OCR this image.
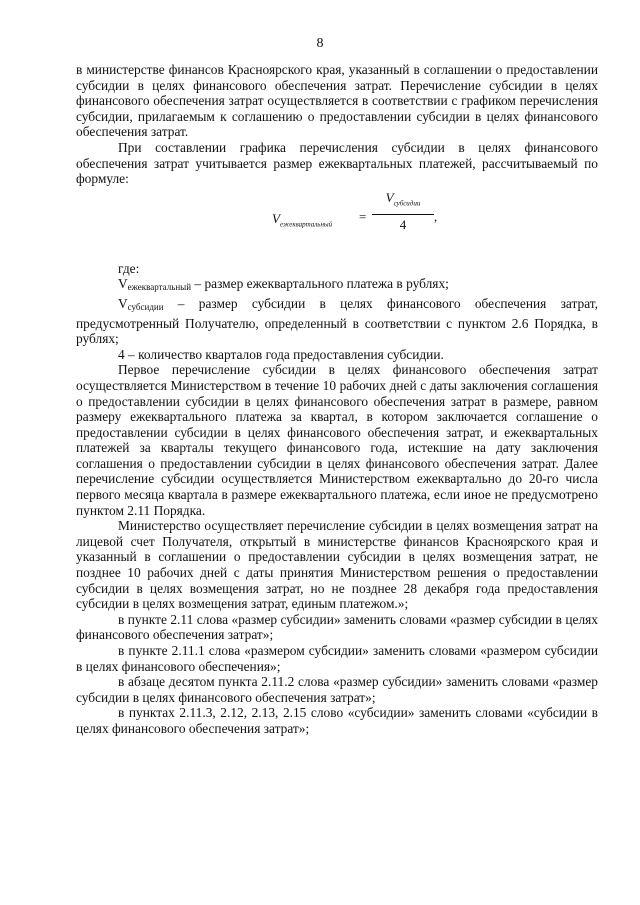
8

в министерстве финансов Красноярского края, указанный в соглашении о предоставлении субсидии в целях финансового обеспечения затрат. Перечисление субсидии в целях финансового обеспечения затрат осуществляется в соответствии с графиком перечисления субсидии, прилагаемым к соглашению о предоставлении субсидии в целях финансового обеспечения затрат.

При составлении графика перечисления субсидии в целях финансового обеспечения затрат учитывается размер ежеквартальных платежей, рассчитываемый по формуле:

$V_{ежеквартальный}$
=
$V_{субсидии}$
4
,

где:

Vежеквартальный – размер ежеквартального платежа в рублях;

Vсубсидии – размер субсидии в целях финансового обеспечения затрат, предусмотренный Получателю, определенный в соответствии с пунктом 2.6 Порядка, в рублях;

4 – количество кварталов года предоставления субсидии.

Первое перечисление субсидии в целях финансового обеспечения затрат осуществляется Министерством в течение 10 рабочих дней с даты заключения соглашения о предоставлении субсидии в целях финансового обеспечения затрат в размере, равном размеру ежеквартального платежа за квартал, в котором заключается соглашение о предоставлении субсидии в целях финансового обеспечения затрат, и ежеквартальных платежей за кварталы текущего финансового года, истекшие на дату заключения соглашения о предоставлении субсидии в целях финансового обеспечения затрат. Далее перечисление субсидии осуществляется Министерством ежеквартально до 20-го числа первого месяца квартала в размере ежеквартального платежа, если иное не предусмотрено пунктом 2.11 Порядка.

Министерство осуществляет перечисление субсидии в целях возмещения затрат на лицевой счет Получателя, открытый в министерстве финансов Красноярского края и указанный в соглашении о предоставлении субсидии в целях возмещения затрат, не позднее 10 рабочих дней с даты принятия Министерством решения о предоставлении субсидии в целях возмещения затрат, но не позднее 28 декабря года предоставления субсидии в целях возмещения затрат, единым платежом.»;

в пункте 2.11 слова «размер субсидии» заменить словами «размер субсидии в целях финансового обеспечения затрат»;

в пункте 2.11.1 слова «размером субсидии» заменить словами «размером субсидии в целях финансового обеспечения»;

в абзаце десятом пункта 2.11.2 слова «размер субсидии» заменить словами «размер субсидии в целях финансового обеспечения затрат»;

в пунктах 2.11.3, 2.12, 2.13, 2.15 слово «субсидии» заменить словами «субсидии в целях финансового обеспечения затрат»;
